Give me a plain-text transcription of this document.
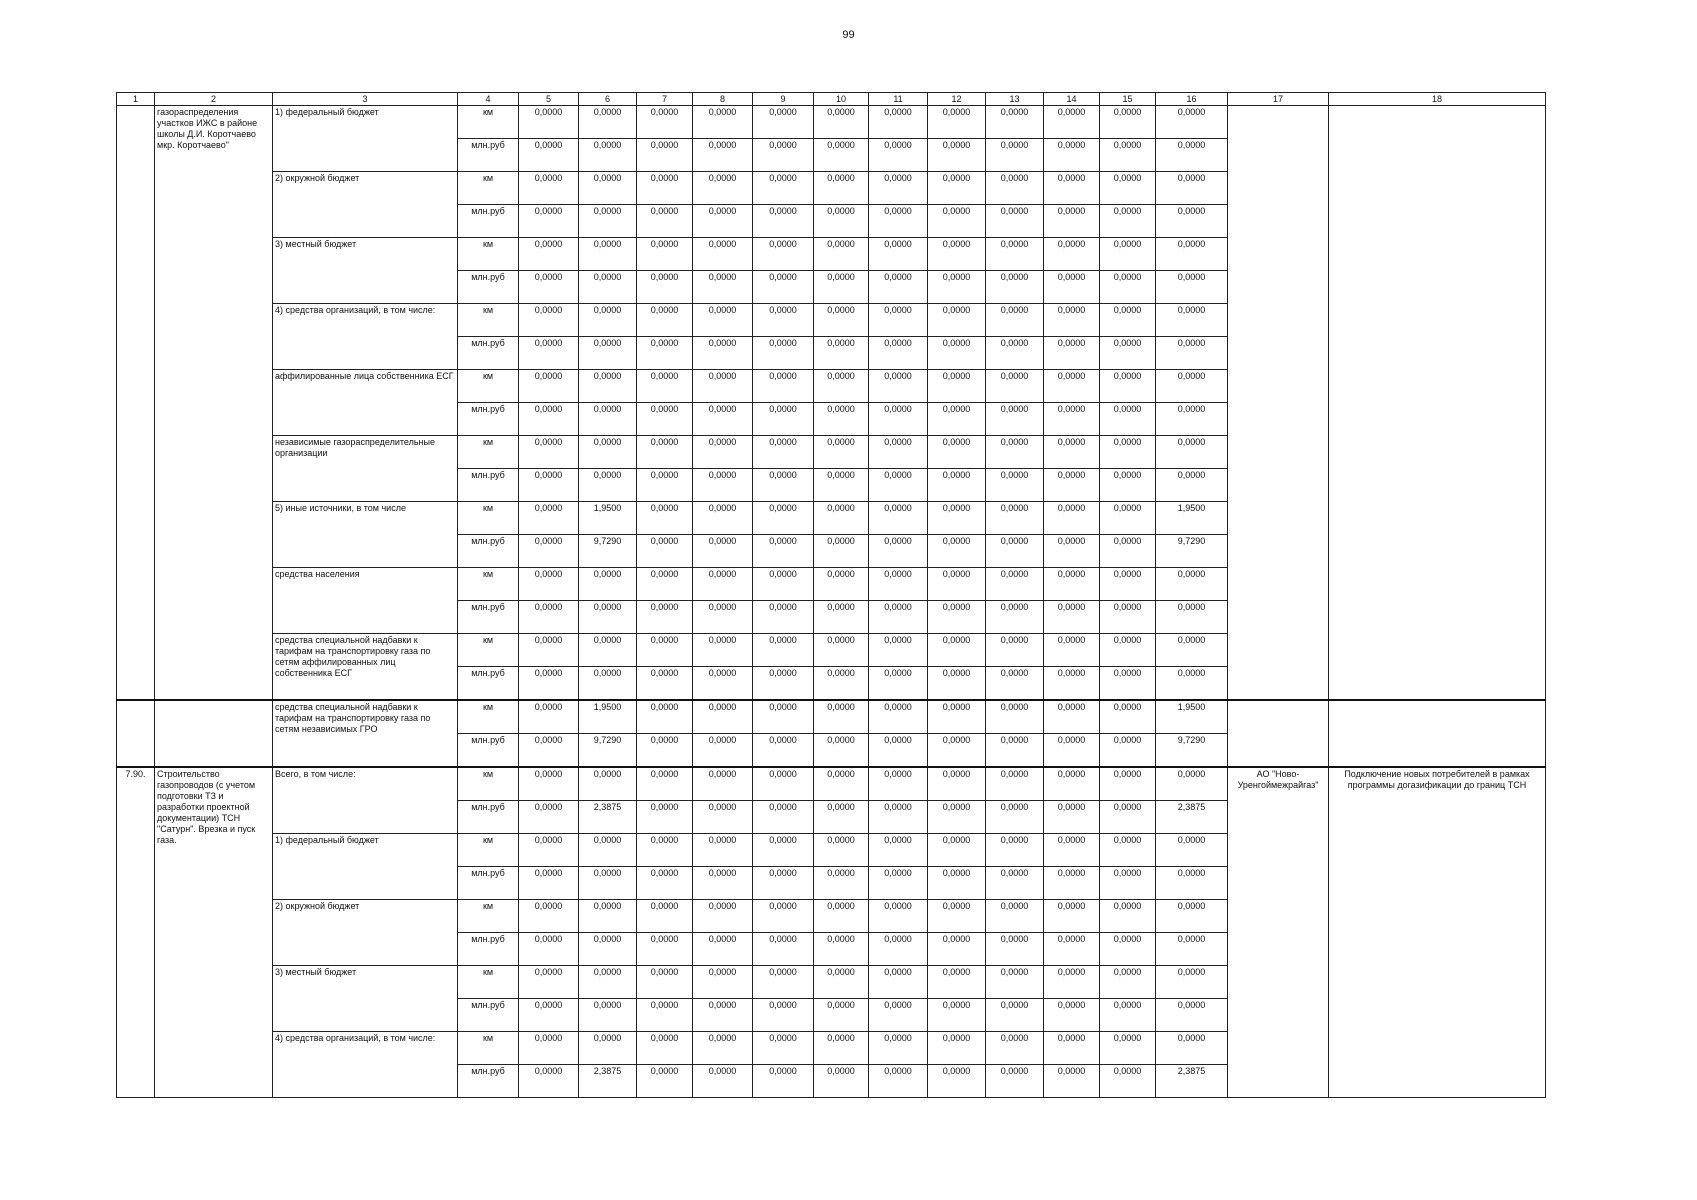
99
1	2	3	4	5	6	7	8	9	10	11	12	13	14	15	16	17	18
	газораспределения участков ИЖС в районе школы Д.И. Коротчаево мкр. Коротчаево"	1) федеральный бюджет	км	0,0000	0,0000	0,0000	0,0000	0,0000	0,0000	0,0000	0,0000	0,0000	0,0000	0,0000	0,0000		
			млн.руб	0,0000	0,0000	0,0000	0,0000	0,0000	0,0000	0,0000	0,0000	0,0000	0,0000	0,0000	0,0000		
		2) окружной бюджет	км	0,0000	0,0000	0,0000	0,0000	0,0000	0,0000	0,0000	0,0000	0,0000	0,0000	0,0000	0,0000		
			млн.руб	0,0000	0,0000	0,0000	0,0000	0,0000	0,0000	0,0000	0,0000	0,0000	0,0000	0,0000	0,0000		
		3) местный бюджет	км	0,0000	0,0000	0,0000	0,0000	0,0000	0,0000	0,0000	0,0000	0,0000	0,0000	0,0000	0,0000		
			млн.руб	0,0000	0,0000	0,0000	0,0000	0,0000	0,0000	0,0000	0,0000	0,0000	0,0000	0,0000	0,0000		
		4) средства организаций, в том числе:	км	0,0000	0,0000	0,0000	0,0000	0,0000	0,0000	0,0000	0,0000	0,0000	0,0000	0,0000	0,0000		
			млн.руб	0,0000	0,0000	0,0000	0,0000	0,0000	0,0000	0,0000	0,0000	0,0000	0,0000	0,0000	0,0000		
		аффилированные лица собственника ЕСГ	км	0,0000	0,0000	0,0000	0,0000	0,0000	0,0000	0,0000	0,0000	0,0000	0,0000	0,0000	0,0000		
			млн.руб	0,0000	0,0000	0,0000	0,0000	0,0000	0,0000	0,0000	0,0000	0,0000	0,0000	0,0000	0,0000		
		независимые газораспределительные организации	км	0,0000	0,0000	0,0000	0,0000	0,0000	0,0000	0,0000	0,0000	0,0000	0,0000	0,0000	0,0000		
			млн.руб	0,0000	0,0000	0,0000	0,0000	0,0000	0,0000	0,0000	0,0000	0,0000	0,0000	0,0000	0,0000		
		5) иные источники, в том числе	км	0,0000	1,9500	0,0000	0,0000	0,0000	0,0000	0,0000	0,0000	0,0000	0,0000	0,0000	1,9500		
			млн.руб	0,0000	9,7290	0,0000	0,0000	0,0000	0,0000	0,0000	0,0000	0,0000	0,0000	0,0000	9,7290		
		средства населения	км	0,0000	0,0000	0,0000	0,0000	0,0000	0,0000	0,0000	0,0000	0,0000	0,0000	0,0000	0,0000		
			млн.руб	0,0000	0,0000	0,0000	0,0000	0,0000	0,0000	0,0000	0,0000	0,0000	0,0000	0,0000	0,0000		
		средства специальной надбавки к тарифам на транспортировку газа по сетям аффилированных лиц собственника ЕСГ	км	0,0000	0,0000	0,0000	0,0000	0,0000	0,0000	0,0000	0,0000	0,0000	0,0000	0,0000	0,0000		
			млн.руб	0,0000	0,0000	0,0000	0,0000	0,0000	0,0000	0,0000	0,0000	0,0000	0,0000	0,0000	0,0000		
		средства специальной надбавки к тарифам на транспортировку газа по сетям независимых ГРО	км	0,0000	1,9500	0,0000	0,0000	0,0000	0,0000	0,0000	0,0000	0,0000	0,0000	0,0000	1,9500		
			млн.руб	0,0000	9,7290	0,0000	0,0000	0,0000	0,0000	0,0000	0,0000	0,0000	0,0000	0,0000	9,7290		
7.90.	Строительство газопроводов (с учетом подготовки ТЗ и разработки проектной документации) ТСН "Сатурн". Врезка и пуск газа.	Всего, в том числе:	км	0,0000	0,0000	0,0000	0,0000	0,0000	0,0000	0,0000	0,0000	0,0000	0,0000	0,0000	0,0000	АО "Ново-Уренгоймежрайгаз"	Подключение новых потребителей в рамках программы догазификации до границ ТСН
			млн.руб	0,0000	2,3875	0,0000	0,0000	0,0000	0,0000	0,0000	0,0000	0,0000	0,0000	0,0000	2,3875		
		1) федеральный бюджет	км	0,0000	0,0000	0,0000	0,0000	0,0000	0,0000	0,0000	0,0000	0,0000	0,0000	0,0000	0,0000		
			млн.руб	0,0000	0,0000	0,0000	0,0000	0,0000	0,0000	0,0000	0,0000	0,0000	0,0000	0,0000	0,0000		
		2) окружной бюджет	км	0,0000	0,0000	0,0000	0,0000	0,0000	0,0000	0,0000	0,0000	0,0000	0,0000	0,0000	0,0000		
			млн.руб	0,0000	0,0000	0,0000	0,0000	0,0000	0,0000	0,0000	0,0000	0,0000	0,0000	0,0000	0,0000		
		3) местный бюджет	км	0,0000	0,0000	0,0000	0,0000	0,0000	0,0000	0,0000	0,0000	0,0000	0,0000	0,0000	0,0000		
			млн.руб	0,0000	0,0000	0,0000	0,0000	0,0000	0,0000	0,0000	0,0000	0,0000	0,0000	0,0000	0,0000		
		4) средства организаций, в том числе:	км	0,0000	0,0000	0,0000	0,0000	0,0000	0,0000	0,0000	0,0000	0,0000	0,0000	0,0000	0,0000		
			млн.руб	0,0000	2,3875	0,0000	0,0000	0,0000	0,0000	0,0000	0,0000	0,0000	0,0000	0,0000	2,3875		
